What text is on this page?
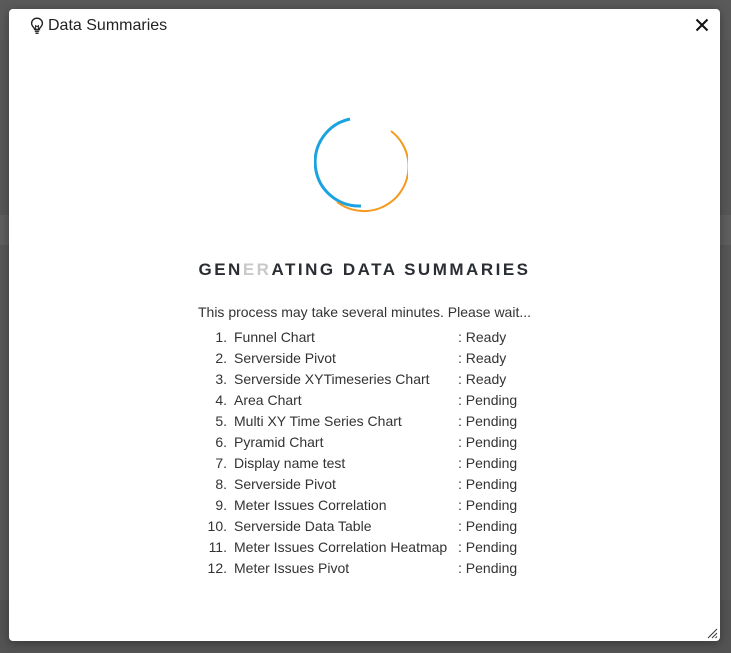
Data Summaries
GENERATING DATA SUMMARIES
This process may take several minutes. Please wait...
1. Funnel Chart	: Ready
2. Serverside Pivot	: Ready
3. Serverside XYTimeseries Chart : Ready
4. Area Chart	: Pending
5. Multi XY Time Series Chart	: Pending
6. Pyramid Chart	: Pending
7. Display name test	: Pending
8. Serverside Pivot	: Pending
9. Meter Issues Correlation	: Pending
10. Serverside Data Table	: Pending
11. Meter Issues Correlation Heatmap : Pending
12. Meter Issues Pivot	: Pending
